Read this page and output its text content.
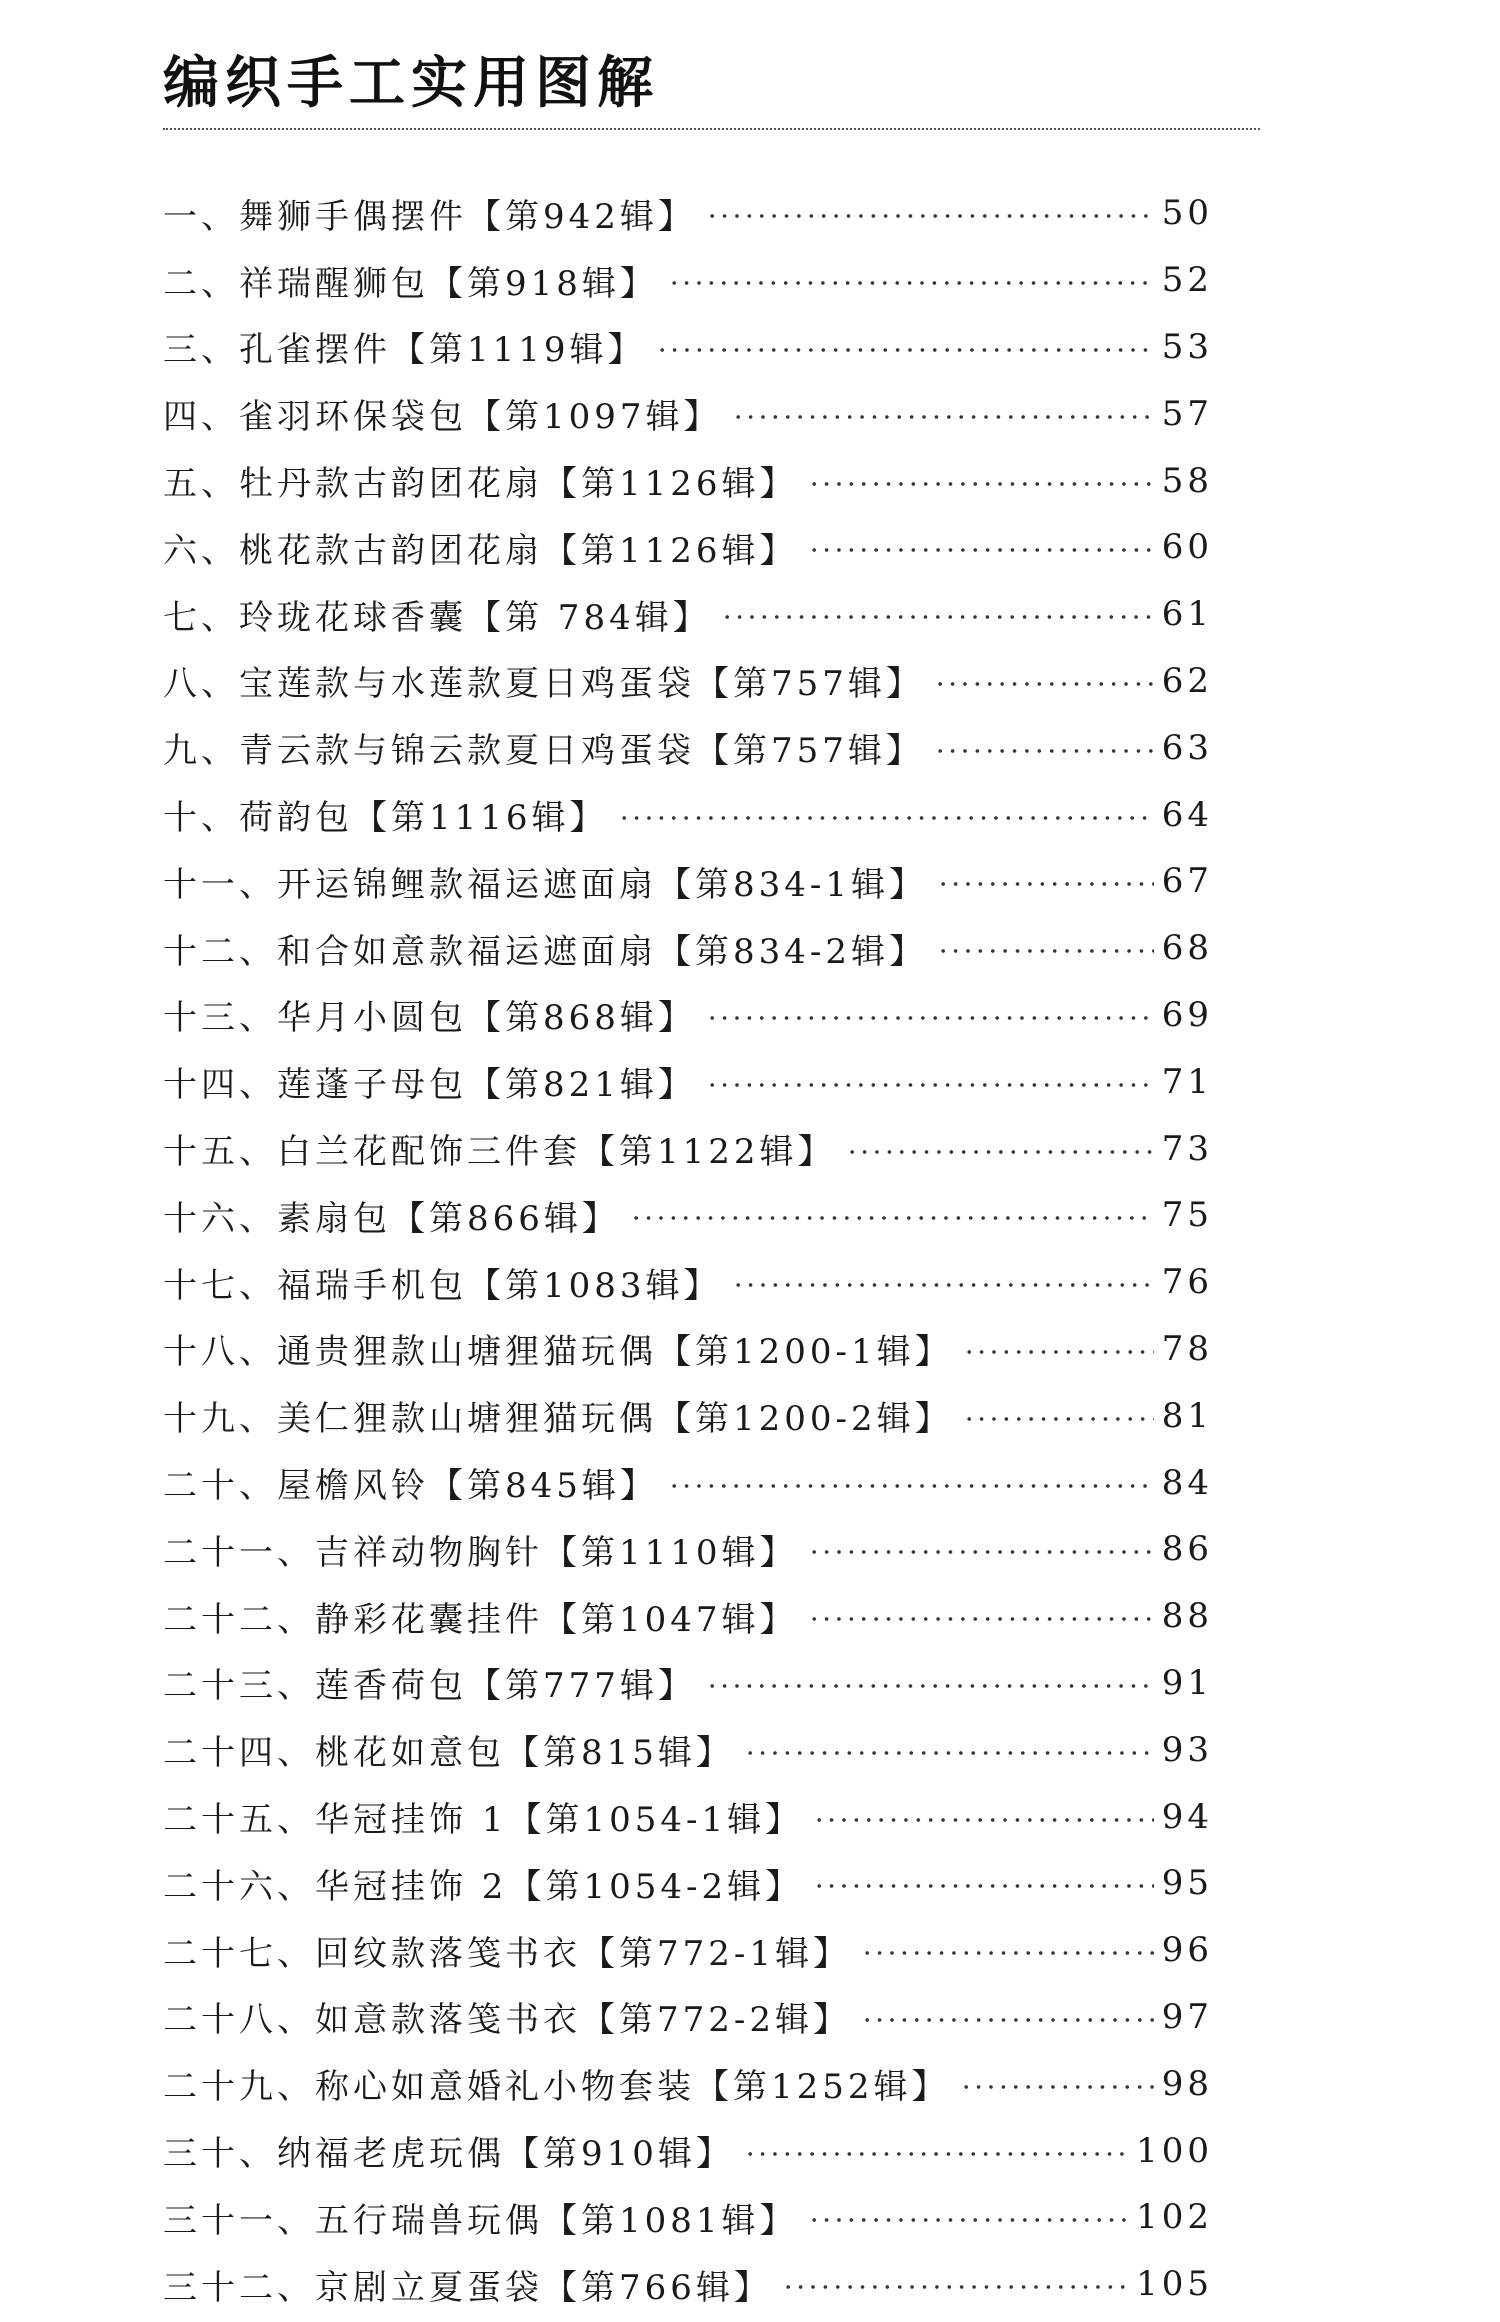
编织手工实用图解
一、 舞狮手偶摆件 【第942辑】	50
二、 祥瑞醒狮包 【第918辑】	52
三、 孔雀摆件 【第1119辑】	53
四、 雀羽环保袋包 【第1097辑】	57
五、 牡丹款古韵团花扇 【第1126辑】	58
六、 桃花款古韵团花扇 【第1126辑】	60
七、 玲珑花球香囊 【第 784辑】	61
八、 宝莲款与水莲款夏日鸡蛋袋 【第757辑】	62
九、 青云款与锦云款夏日鸡蛋袋 【第757辑】	63
十、 荷韵包 【第1116辑】	64
十一、 开运锦鲤款福运遮面扇 【第834-1辑】	67
十二、 和合如意款福运遮面扇 【第834-2辑】	68
十三、 华月小圆包 【第868辑】	69
十四、 莲蓬子母包 【第821辑】	71
十五、 白兰花配饰三件套 【第1122辑】	73
十六、 素扇包 【第866辑】	75
十七、 福瑞手机包 【第1083辑】	76
十八、 通贵狸款山塘狸猫玩偶 【第1200-1辑】	78
十九、 美仁狸款山塘狸猫玩偶 【第1200-2辑】	81
二十、 屋檐风铃 【第845辑】	84
二十一、 吉祥动物胸针 【第1110辑】	86
二十二、 静彩花囊挂件 【第1047辑】	88
二十三、 莲香荷包 【第777辑】	91
二十四、 桃花如意包 【第815辑】	93
二十五、 华冠挂饰 1 【第1054-1辑】	94
二十六、 华冠挂饰 2 【第1054-2辑】	95
二十七、 回纹款落笺书衣 【第772-1辑】	96
二十八、 如意款落笺书衣 【第772-2辑】	97
二十九、 称心如意婚礼小物套装 【第1252辑】	98
三十、 纳福老虎玩偶 【第910辑】	100
三十一、 五行瑞兽玩偶 【第1081辑】	102
三十二、 京剧立夏蛋袋 【第766辑】	105
